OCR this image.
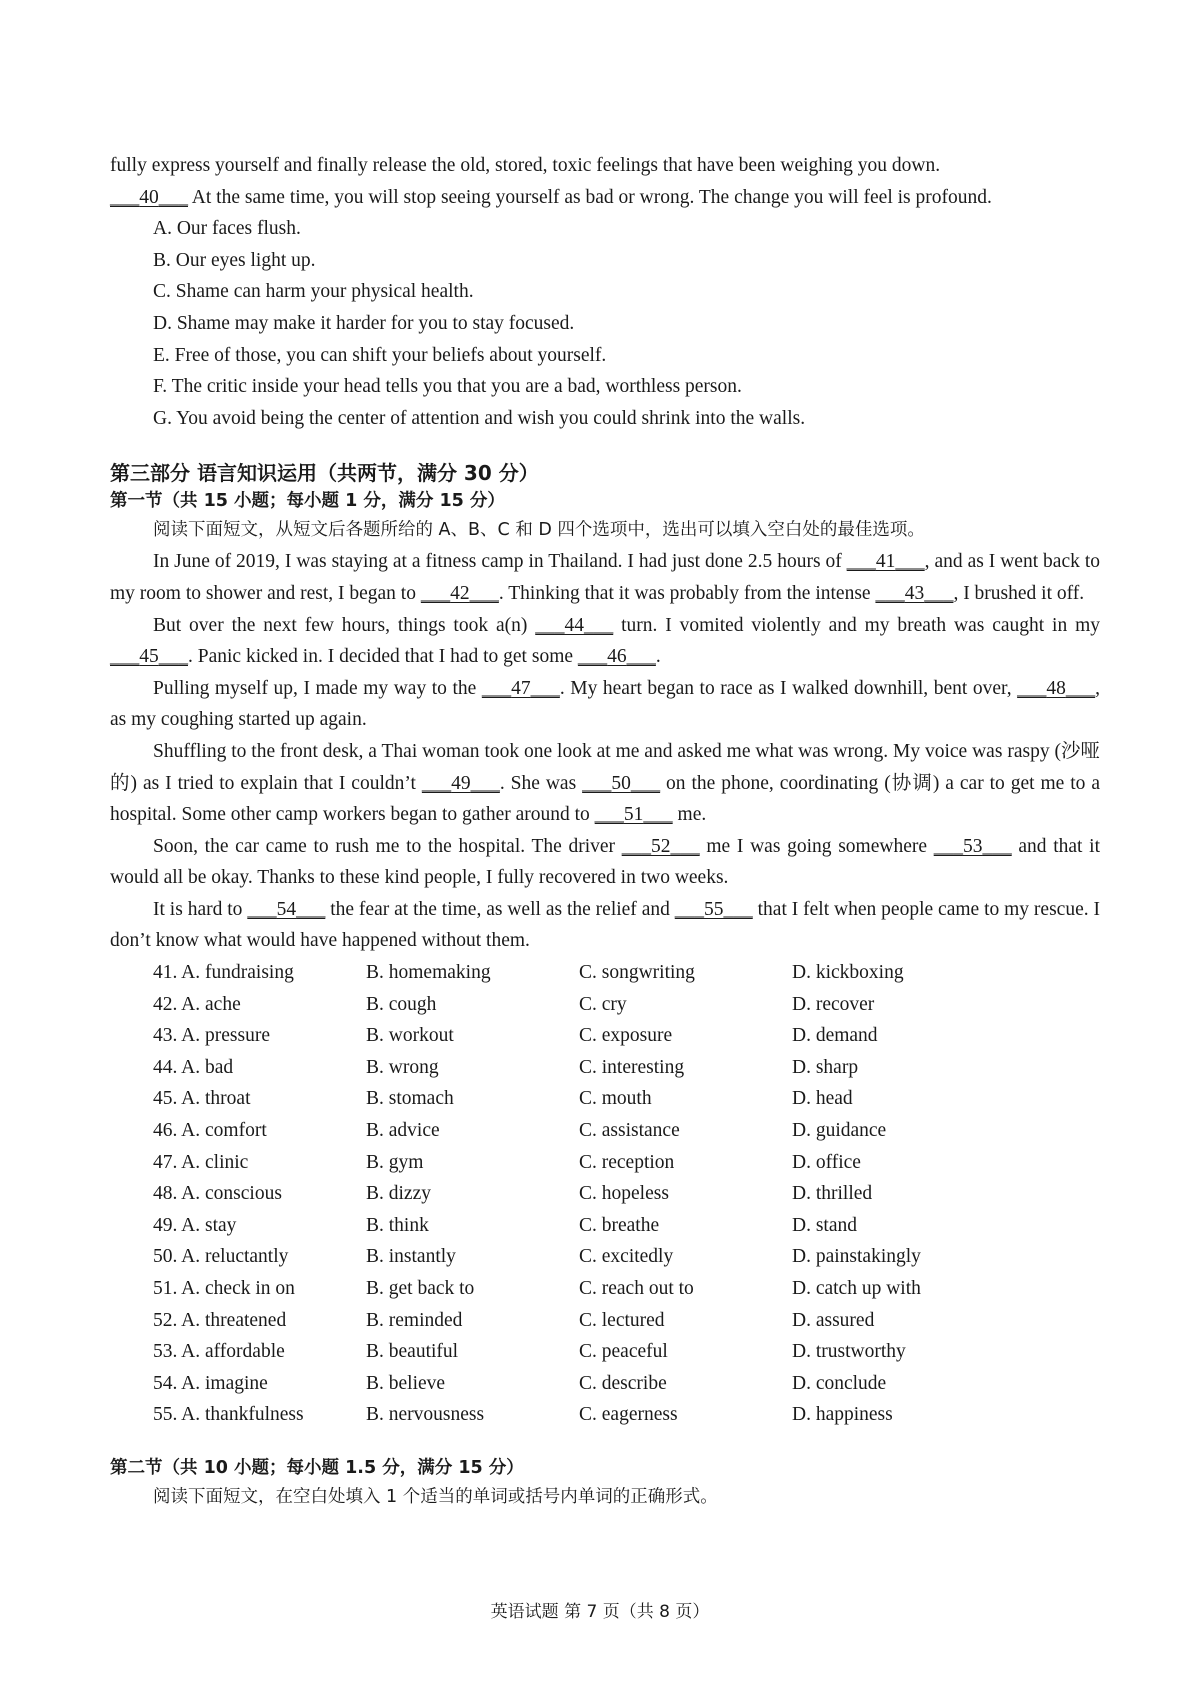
fully express yourself and finally release the old, stored, toxic feelings that have been weighing you down.

___40___ At the same time, you will stop seeing yourself as bad or wrong. The change you will feel is profound.

A. Our faces flush.

B. Our eyes light up.

C. Shame can harm your physical health.

D. Shame may make it harder for you to stay focused.

E. Free of those, you can shift your beliefs about yourself.

F. The critic inside your head tells you that you are a bad, worthless person.

G. You avoid being the center of attention and wish you could shrink into the walls.

第三部分 语言知识运用（共两节，满分 30 分）

第一节（共 15 小题；每小题 1 分，满分 15 分）

阅读下面短文，从短文后各题所给的 A、B、C 和 D 四个选项中，选出可以填入空白处的最佳选项。

In June of 2019, I was staying at a fitness camp in Thailand. I had just done 2.5 hours of ___41___, and as I went back to my room to shower and rest, I began to ___42___. Thinking that it was probably from the intense ___43___, I brushed it off.

But over the next few hours, things took a(n) ___44___ turn. I vomited violently and my breath was caught in my ___45___. Panic kicked in. I decided that I had to get some ___46___.

Pulling myself up, I made my way to the ___47___. My heart began to race as I walked downhill, bent over, ___48___, as my coughing started up again.

Shuffling to the front desk, a Thai woman took one look at me and asked me what was wrong. My voice was raspy (沙哑的) as I tried to explain that I couldn’t ___49___. She was ___50___ on the phone, coordinating (协调) a car to get me to a hospital. Some other camp workers began to gather around to ___51___ me.

Soon, the car came to rush me to the hospital. The driver ___52___ me I was going somewhere ___53___ and that it would all be okay. Thanks to these kind people, I fully recovered in two weeks.

It is hard to ___54___ the fear at the time, as well as the relief and ___55___ that I felt when people came to my rescue. I don’t know what would have happened without them.

41. A. fundraising	B. homemaking	C. songwriting	D. kickboxing
42. A. ache	B. cough	C. cry	D. recover
43. A. pressure	B. workout	C. exposure	D. demand
44. A. bad	B. wrong	C. interesting	D. sharp
45. A. throat	B. stomach	C. mouth	D. head
46. A. comfort	B. advice	C. assistance	D. guidance
47. A. clinic	B. gym	C. reception	D. office
48. A. conscious	B. dizzy	C. hopeless	D. thrilled
49. A. stay	B. think	C. breathe	D. stand
50. A. reluctantly	B. instantly	C. excitedly	D. painstakingly
51. A. check in on	B. get back to	C. reach out to	D. catch up with
52. A. threatened	B. reminded	C. lectured	D. assured
53. A. affordable	B. beautiful	C. peaceful	D. trustworthy
54. A. imagine	B. believe	C. describe	D. conclude
55. A. thankfulness	B. nervousness	C. eagerness	D. happiness

第二节（共 10 小题；每小题 1.5 分，满分 15 分）

阅读下面短文，在空白处填入 1 个适当的单词或括号内单词的正确形式。

英语试题 第 7 页（共 8 页）
